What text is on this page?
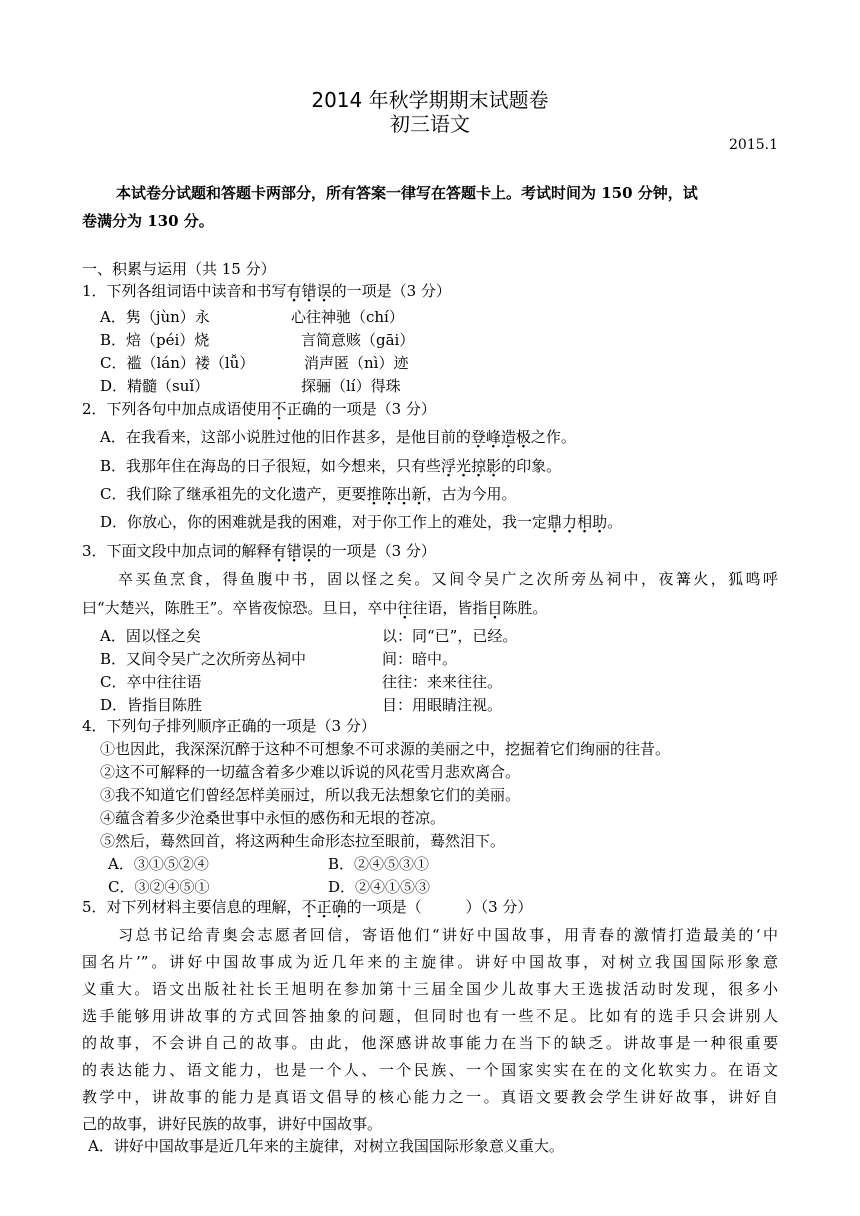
2014 年秋学期期末试题卷
初三语文
2015.1
本试卷分试题和答题卡两部分，所有答案一律写在答题卡上。考试时间为 150 分钟，试
卷满分为 130 分。
一、积累与运用（共 15 分）
1．下列各组词语中读音和书写有错误的一项是（3 分）
A．隽（jùn）永	心往神驰（chí）
B．焙（péi）烧	言简意赅（gāi）
C．褴（lán）褛（lǚ）	消声匿（nì）迹
D．精髓（suǐ）	探骊（lí）得珠
2．下列各句中加点成语使用不正确的一项是（3 分）
A．在我看来，这部小说胜过他的旧作甚多，是他目前的登峰造极之作。
B．我那年住在海岛的日子很短，如今想来，只有些浮光掠影的印象。
C．我们除了继承祖先的文化遗产，更要推陈出新，古为今用。
D．你放心，你的困难就是我的困难，对于你工作上的难处，我一定鼎力相助。
3．下面文段中加点词的解释有错误的一项是（3 分）
卒买鱼烹食，得鱼腹中书，固以怪之矣。又间令吴广之次所旁丛祠中，夜篝火，狐鸣呼
曰“大楚兴，陈胜王”。卒皆夜惊恐。旦日，卒中往往语，皆指目陈胜。
A．固以怪之矣	以：同“已”，已经。
B．又间令吴广之次所旁丛祠中	间：暗中。
C．卒中往往语	往往：来来往往。
D．皆指目陈胜	目：用眼睛注视。
4．下列句子排列顺序正确的一项是（3 分）
①也因此，我深深沉醉于这种不可想象不可求源的美丽之中，挖掘着它们绚丽的往昔。
②这不可解释的一切蕴含着多少难以诉说的风花雪月悲欢离合。
③我不知道它们曾经怎样美丽过，所以我无法想象它们的美丽。
④蕴含着多少沧桑世事中永恒的感伤和无垠的苍凉。
⑤然后，蓦然回首，将这两种生命形态拉至眼前，蓦然泪下。
A．③①⑤②④	B．②④⑤③①
C．③②④⑤①	D．②④①⑤③
5．对下列材料主要信息的理解，不正确的一项是（	）（3 分）
习总书记给青奥会志愿者回信，寄语他们“讲好中国故事，用青春的激情打造最美的‘中
国名片’”。讲好中国故事成为近几年来的主旋律。讲好中国故事，对树立我国国际形象意
义重大。语文出版社社长王旭明在参加第十三届全国少儿故事大王选拔活动时发现，很多小
选手能够用讲故事的方式回答抽象的问题，但同时也有一些不足。比如有的选手只会讲别人
的故事，不会讲自己的故事。由此，他深感讲故事能力在当下的缺乏。讲故事是一种很重要
的表达能力、语文能力，也是一个人、一个民族、一个国家实实在在的文化软实力。在语文
教学中，讲故事的能力是真语文倡导的核心能力之一。真语文要教会学生讲好故事，讲好自
己的故事，讲好民族的故事，讲好中国故事。
A．讲好中国故事是近几年来的主旋律，对树立我国国际形象意义重大。
